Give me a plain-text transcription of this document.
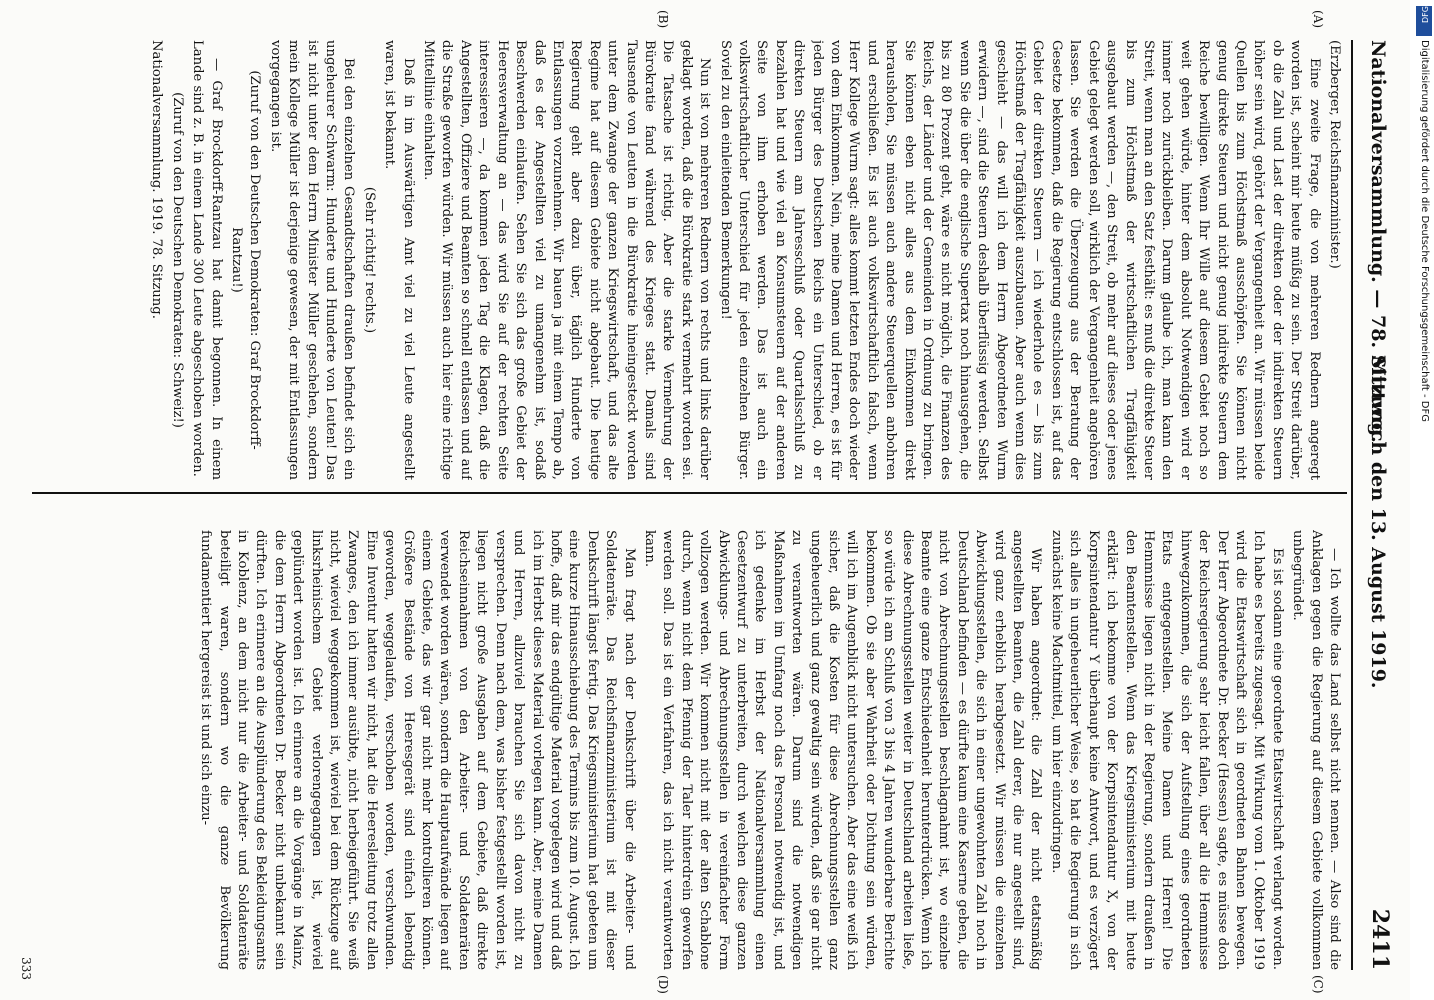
Nationalversammlung. — 78. Sitzung.
Mittwoch den 13. August 1919.
2411
(A)
(B)
(C)
(D)

(Erzberger, Reichsfinanzminister.)

Eine zweite Frage, die von mehreren Rednern angeregt worden ist, scheint mir heute müßig zu sein. Der Streit darüber, ob die Zahl und Last der direkten oder der indirekten Steuern höher sein wird, gehört der Vergangenheit an. Wir müssen beide Quellen bis zum Höchstmaß ausschöpfen. Sie können nicht genug direkte Steuern und nicht genug indirekte Steuern dem Reiche bewilligen. Wenn Ihr Wille auf diesem Gebiet noch so weit gehen würde, hinter dem absolut Notwendigen wird er immer noch zurückbleiben. Darum glaube ich, man kann den Streit, wenn man an den Satz festhält: es muß die direkte Steuer bis zum Höchstmaß der wirtschaftlichen Tragfähigkeit ausgebaut werden —, den Streit, ob mehr auf dieses oder jenes Gebiet gelegt werden soll, wirklich der Vergangenheit angehören lassen. Sie werden die Überzeugung aus der Beratung der Gesetze bekommen, daß die Regierung entschlossen ist, auf das Gebiet der direkten Steuern — ich wiederhole es — bis zum Höchstmaß der Tragfähigkeit auszubauen. Aber auch wenn dies geschieht — das will ich dem Herrn Abgeordneten Wurm erwidern —, sind die Steuern deshalb überflüssig werden. Selbst wenn Sie die über die englische Supertax noch hinausgehen, die bis zu 80 Prozent geht, wäre es nicht möglich, die Finanzen des Reichs, der Länder und der Gemeinden in Ordnung zu bringen. Sie können eben nicht alles aus dem Einkommen direkt herausholen, Sie müssen auch andere Steuerquellen anbohren und erschließen. Es ist auch volkswirtschaftlich falsch, wenn Herr Kollege Wurm sagt: alles kommt letzten Endes doch wieder von dem Einkommen. Nein, meine Damen und Herren, es ist für jeden Bürger des Deutschen Reichs ein Unterschied, ob er direkten Steuern am Jahresschluß oder Quartalsschluß zu bezahlen hat und wie viel an Konsumsteuern auf der anderen Seite von ihm erhoben werden. Das ist auch ein volkswirtschaftlicher Unterschied für jeden einzelnen Bürger. Soviel zu den einleitenden Bemerkungen!

Nun ist von mehreren Rednern von rechts und links darüber geklagt worden, daß die Bürokratie stark vermehrt worden sei. Die Tatsache ist richtig. Aber die starke Vermehrung der Bürokratie fand während des Krieges statt. Damals sind Tausende von Leuten in die Bürokratie hineingesteckt worden unter dem Zwange der ganzen Kriegswirtschaft, und das alte Regime hat auf diesem Gebiete nicht abgebaut. Die heutige Regierung geht aber dazu über, täglich Hunderte von Entlassungen vorzunehmen. Wir bauen ja mit einem Tempo ab, daß es der Angestellten viel zu umangenehm ist, sodaß Beschwerden einlaufen. Sehen Sie sich das große Gebiet der Heeresverwaltung an — das wird Sie auf der rechten Seite interessieren —, da kommen jeden Tag die Klagen, daß die Angestellten, Offiziere und Beamten so schnell entlassen und auf die Straße geworfen würden. Wir müssen auch hier eine richtige Mittellinie einhalten.

Daß in im Auswärtigen Amt viel zu viel Leute angestellt waren, ist bekannt.

(Sehr richtig! rechts.)

Bei den einzelnen Gesandtschaften draußen befindet sich ein ungeheurer Schwarm: Hunderte und Hunderte von Leuten! Das ist nicht unter dem Herrn Minister Müller geschehen, sondern mein Kollege Müller ist derjenige gewesen, der mit Entlassungen vorgegangen ist.

(Zuruf von den Deutschen Demokraten: Graf Brockdorff-Rantzau!)

— Graf Brockdorff-Rantzau hat damit begonnen. In einem Lande sind z. B. in einem Lande 300 Leute abgeschoben worden.

(Zuruf von den Deutschen Demokraten: Schweiz!)

Nationalversammlung. 1919. 78. Sitzung.

— Ich wollte das Land selbst nicht nennen. — Also sind die Anklagen gegen die Regierung auf diesem Gebiete vollkommen unbegründet.

Es ist sodann eine geordnete Etatswirtschaft verlangt worden. Ich habe es bereits zugesagt. Mit Wirkung vom 1. Oktober 1919 wird die Etatswirtschaft sich in geordneten Bahnen bewegen. Der Herr Abgeordnete Dr. Becker (Hessen) sagte, es müsse doch der Reichsregierung sehr leicht fallen, über all die Hemmnisse hinwegzukommen, die sich der Aufstellung eines geordneten Etats entgegenstellen. Meine Damen und Herren! Die Hemmnisse liegen nicht in der Regierung, sondern draußen in den Beamtenstellen. Wenn das Kriegsministerium mit heute erklärt: ich bekomme von der Korpsintendantur X, von der Korpsintendantur Y überhaupt keine Antwort, und es verzögert sich alles in ungeheuerlicher Weise, so hat die Regierung in sich zunächst keine Machtmittel, um hier einzudringen.

Wir haben angeordnet: die Zahl der nicht etatsmäßig angestellten Beamten, die Zahl derer, die nur angestellt sind, wird ganz erheblich herabgesetzt. Wir müssen die einzelnen Abwicklungsstellen, die sich in einer ungewohnten Zahl noch in Deutschland befinden — es dürfte kaum eine Kaserne geben, die nicht von Abrechnungsstellen beschlagnahmt ist, wo einzelne Beamte eine ganze Entschiedenheit herunterdrücken. Wenn ich diese Abrechnungsstellen weiter in Deutschland arbeiten ließe, so würde ich am Schluß von 3 bis 4 Jahren wunderbare Berichte bekommen. Ob sie aber Wahrheit oder Dichtung sein würden, will ich im Augenblick nicht untersuchen. Aber das eine weiß ich sicher, daß die Kosten für diese Abrechnungsstellen ganz ungeheuerlich und ganz gewaltig sein würden, daß sie gar nicht zu verantworten wären. Darum sind die notwendigen Maßnahmen im Umfang noch das Personal notwendig ist, und ich gedenke im Herbst der Nationalversammlung einen Gesetzentwurf zu unterbreiten, durch welchen diese ganzen Abwicklungs- und Abrechnungsstellen in vereinfachter Form vollzogen werden. Wir kommen nicht mit der alten Schablone durch, wenn nicht dem Pfennig der Taler hinterdrein geworfen werden soll. Das ist ein Verfahren, das ich nicht verantworten kann.

Man fragt nach der Denkschrift über die Arbeiter- und Soldatenräte. Das Reichsfinanzministerium ist mit dieser Denkschrift längst fertig. Das Kriegsministerium hat gebeten um eine kurze Hinausschiebung des Termins bis zum 10. August. Ich hoffe, daß mir das endgültige Material vorgelegen wird und daß ich im Herbst dieses Material vorlegen kann. Aber, meine Damen und Herren, allzuviel brauchen Sie sich davon nicht zu versprechen. Denn nach dem, was bisher festgestellt worden ist, liegen nicht große Ausgaben auf dem Gebiete, daß direkte Reichseinnahmen von den Arbeiter- und Soldatenräten verwendet worden wären, sondern die Hauptaufwände liegen auf einem Gebiete, das wir gar nicht mehr kontrollieren können. Größere Bestände von Heeresgerät sind einfach lebendig geworden, weggelaufen, verschoben worden, verschwunden. Eine Inventur hatten wir nicht, hat die Heeresleitung trotz allen Zwanges, den ich immer ausübte, nicht herbeigeführt. Sie weiß nicht, wieviel weggekommen ist, wieviel bei dem Rückzuge auf linksrheinischem Gebiet verlorengegangen ist, wieviel geplündert worden ist. Ich erinnere an die Vorgänge in Mainz, die dem Herrn Abgeordneten Dr. Becker nicht unbekannt sein dürften. Ich erinnere an die Ausplünderung des Bekleidungsamts in Koblenz, an dem nicht nur die Arbeiter- und Soldatenräte beteiligt waren, sondern wo die ganze Bevölkerung fundamentiert hergereist ist und sich einzu-

333
DFG
Digitalisierung gefördert durch die Deutsche Forschungsgemeinschaft - DFG
